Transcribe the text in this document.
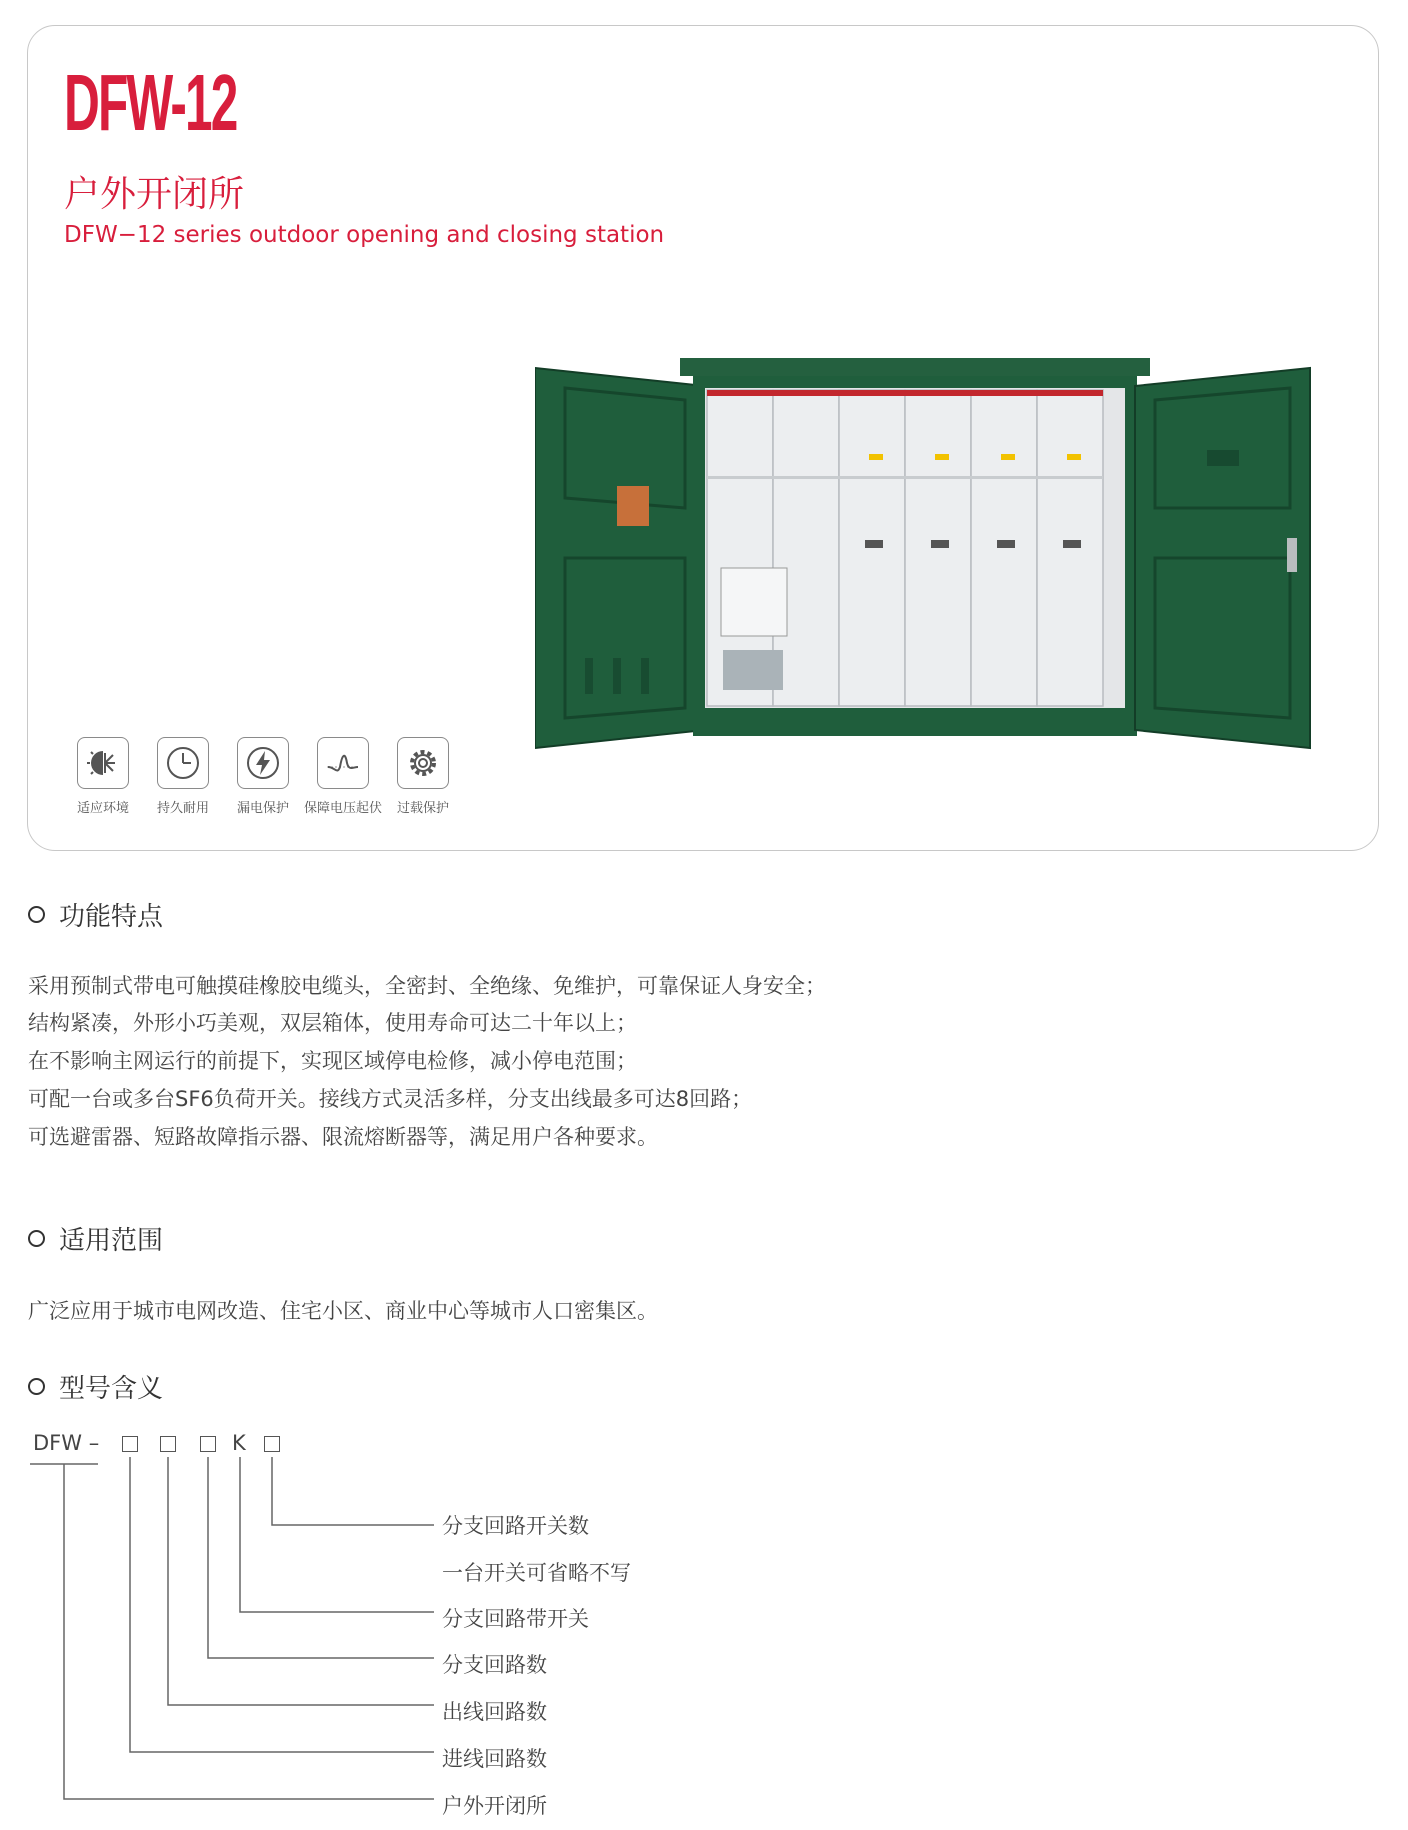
DFW-12
户外开闭所
DFW−12 series outdoor opening and closing station
适应环境 持久耐用 漏电保护 保障电压起伏 过载保护
功能特点
采用预制式带电可触摸硅橡胶电缆头，全密封、全绝缘、免维护，可靠保证人身安全；
结构紧凑，外形小巧美观，双层箱体，使用寿命可达二十年以上；
在不影响主网运行的前提下，实现区域停电检修，减小停电范围；
可配一台或多台SF6负荷开关。接线方式灵活多样，分支出线最多可达8回路；
可选避雷器、短路故障指示器、限流熔断器等，满足用户各种要求。
适用范围
广泛应用于城市电网改造、住宅小区、商业中心等城市人口密集区。
型号含义
DFW –	K
分支回路开关数
一台开关可省略不写
分支回路带开关
分支回路数
出线回路数
进线回路数
户外开闭所
